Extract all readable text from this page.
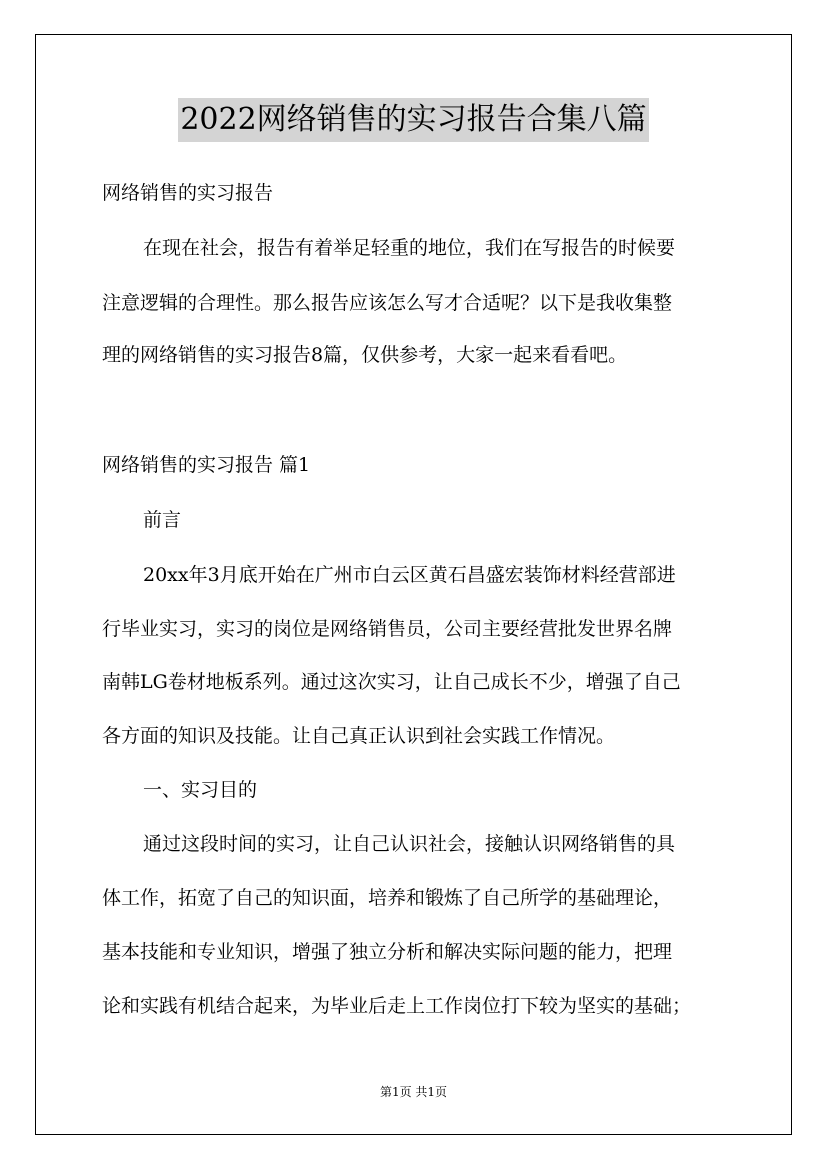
2022网络销售的实习报告合集八篇
网络销售的实习报告
在现在社会，报告有着举足轻重的地位，我们在写报告的时候要
注意逻辑的合理性。那么报告应该怎么写才合适呢？以下是我收集整
理的网络销售的实习报告8篇，仅供参考，大家一起来看看吧。
网络销售的实习报告 篇1
前言
20xx年3月底开始在广州市白云区黄石昌盛宏装饰材料经营部进
行毕业实习，实习的岗位是网络销售员，公司主要经营批发世界名牌
南韩LG卷材地板系列。通过这次实习，让自己成长不少，增强了自己
各方面的知识及技能。让自己真正认识到社会实践工作情况。
一、实习目的
通过这段时间的实习，让自己认识社会，接触认识网络销售的具
体工作，拓宽了自己的知识面，培养和锻炼了自己所学的基础理论，
基本技能和专业知识，增强了独立分析和解决实际问题的能力，把理
论和实践有机结合起来，为毕业后走上工作岗位打下较为坚实的基础；
第1页 共1页
